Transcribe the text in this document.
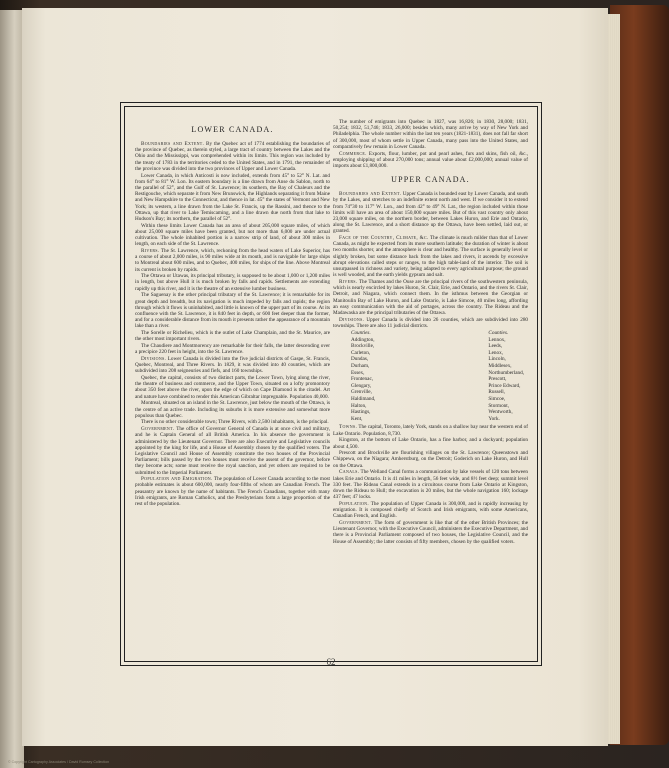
LOWER CANADA.
Boundaries and Extent. By the Quebec act of 1774 establishing the boundaries of the province of Quebec, as therein styled, a large tract of country between the Lakes and the Ohio and the Mississippi, was comprehended within its limits. This region was included by the treaty of 1783 in the territories ceded to the United States, and in 1791, the remainder of the province was divided into the two provinces of Upper and Lower Canada.
Lower Canada, in which Anticosti is now included, extends from 45° to 52° N. Lat. and from 64° to 81° W. Lon. Its eastern boundary is a line drawn from Anse du Sablon, north to the parallel of 52°, and the Gulf of St. Lawrence; its southern, the Bay of Chaleurs and the Restigouche, which separate it from New Brunswick, the Highlands separating it from Maine and New Hampshire to the Connecticut, and thence in lat. 45° the states of Vermont and New York; its western, a line drawn from the Lake St. Francis, up the Rassini, and thence to the Ottawa, up that river to Lake Temiscaming, and a line drawn due north from that lake to Hudson's Bay; its northern, the parallel of 52°.
Within these limits Lower Canada has an area of about 205,000 square miles, of which about 25,000 square miles have been granted, but not more than 6,000 are under actual cultivation. The whole inhabited portion is a narrow strip of land, of about 300 miles in length, on each side of the St. Lawrence.
Rivers. The St. Lawrence, which, reckoning from the head waters of Lake Superior, has a course of about 2,000 miles, is 90 miles wide at its mouth, and is navigable for large ships to Montreal about 600 miles, and to Quebec, 400 miles, for ships of the line. Above Montreal its current is broken by rapids.
The Ottawa or Utawas, its principal tributary, is supposed to be about 1,000 or 1,200 miles in length, but above Hull it is much broken by falls and rapids. Settlements are extending rapidly up this river, and it is the theatre of an extensive lumber business.
The Saguenay is the other principal tributary of the St. Lawrence; it is remarkable for its great depth and breadth, but its navigation is much impeded by falls and rapids; the region through which it flows is uninhabited, and little is known of the upper part of its course. At its confluence with the St. Lawrence, it is 840 feet in depth, or 600 feet deeper than the former, and for a considerable distance from its mouth it presents rather the appearance of a mountain lake than a river.
The Sorelle or Richelieu, which is the outlet of Lake Champlain, and the St. Maurice, are the other most important rivers.
The Chaudiere and Montmorency are remarkable for their falls, the latter descending over a precipice 220 feet in height, into the St. Lawrence.
Divisions. Lower Canada is divided into the five judicial districts of Gaspe, St. Francis, Quebec, Montreal, and Three Rivers. In 1829, it was divided into 40 counties, which are subdivided into 208 seigneuries and fiefs, and 160 townships.
Quebec, the capital, consists of two distinct parts, the Lower Town, lying along the river, the theatre of business and commerce, and the Upper Town, situated on a lofty promontory about 350 feet above the river, upon the edge of which on Cape Diamond is the citadel. Art and nature have combined to render this American Gibraltar impregnable. Population 40,000.
Montreal, situated on an island in the St. Lawrence, just below the mouth of the Ottawa, is the centre of an active trade. Including its suburbs it is more extensive and somewhat more populous than Quebec.
There is no other considerable town; Three Rivers, with 2,500 inhabitants, is the principal.
Government. The office of Governor General of Canada is at once civil and military, and he is Captain General of all British America. In his absence the government is administered by the Lieutenant Governor. There are also Executive and Legislative councils appointed by the king for life, and a House of Assembly chosen by the qualified voters. The Legislative Council and House of Assembly constitute the two houses of the Provincial Parliament; bills passed by the two houses must receive the assent of the governor, before they become acts; some must receive the royal sanction, and yet others are required to be submitted to the Imperial Parliament.
Population and Emigration. The population of Lower Canada according to the most probable estimates is about 600,000, nearly four-fifths of whom are Canadian French. The peasantry are known by the name of habitants. The French Canadians, together with many Irish emigrants, are Roman Catholics, and the Presbyterians form a large proportion of the rest of the population.
The number of emigrants into Quebec in 1827, was 16,826; in 1830, 28,000; 1831, 50,254; 1832, 51,746; 1833, 26,000; besides which, many arrive by way of New York and Philadelphia. The whole number within the last ten years (1821-1831), does not fall far short of 300,000, most of whom settle in Upper Canada, many pass into the United States, and comparatively few remain in Lower Canada.
Commerce. Exports, flour, lumber, pot and pearl ashes, furs and skins, fish oil, &c., employing shipping of about 270,000 tons; annual value about £2,000,000; annual value of imports about £1,800,000.
UPPER CANADA.
Boundaries and Extent. Upper Canada is bounded east by Lower Canada, and south by the Lakes, and stretches to an indefinite extent north and west. If we consider it to extend from 74°30 to 117° W. Lon., and from 42° to 49° N. Lat., the region included within those limits will have an area of about 150,000 square miles. But of this vast country only about 23,000 square miles, on the northern border, between Lakes Huron, and Erie and Ontario, along the St. Lawrence, and a short distance up the Ottawa, have been settled, laid out, or granted.
Face of the Country, Climate, &c. The climate is much milder than that of Lower Canada, as might be expected from its more southern latitude; the duration of winter is about two months shorter, and the atmosphere is clear and healthy. The surface is generally level or slightly broken, but some distance back from the lakes and rivers, it ascends by excessive abrupt elevations called steps or ranges, to the high table-land of the interior. The soil is unsurpassed in richness and variety, being adapted to every agricultural purpose; the ground is well wooded, and the earth yields gypsum and salt.
Rivers. The Thames and the Ouse are the principal rivers of the southwestern peninsula, which is nearly encircled by lakes Huron, St. Clair, Erie, and Ontario, and the rivers St. Clair, Detroit, and Niagara, which connect them. In the isthmus between the Georgian or Manitoulin Bay of Lake Huron, and Lake Ontario, is Lake Simcoe, 40 miles long, affording an easy communication with the aid of portages, across the country. The Rideau and the Madawaska are the principal tributaries of the Ottawa.
Divisions. Upper Canada is divided into 26 counties, which are subdivided into 280 townships. There are also 11 judicial districts.
Counties.
Addington,
Brockville,
Carleton,
Dundas,
Durham,
Essex,
Frontenac,
Glengary,
Grenville,
Haldimand,
Halton,
Hastings,
Kent,
Counties.
Lennox,
Leeds,
Lenox,
Lincoln,
Middlesex,
Northumberland,
Prescott,
Prince Edward,
Russell,
Simcoe,
Stormont,
Wentworth,
York.
Towns. The capital, Toronto, lately York, stands on a shallow bay near the western end of Lake Ontario. Population, 8,730.
Kingston, at the bottom of Lake Ontario, has a fine harbor, and a dockyard; population about 4,500.
Prescott and Brockville are flourishing villages on the St. Lawrence; Queenstown and Chippewa, on the Niagara; Amherstburg, on the Detroit; Goderich on Lake Huron, and Hull on the Ottawa.
Canals. The Welland Canal forms a communication by lake vessels of 120 tons between lakes Erie and Ontario. It is 41 miles in length, 56 feet wide, and 8½ feet deep; summit level 330 feet. The Rideau Canal extends in a circuitous course from Lake Ontario at Kingston, down the Rideau to Hull; the excavation is 20 miles, but the whole navigation 160; lockage 437 feet; 47 locks.
Population. The population of Upper Canada is 300,000, and is rapidly increasing by emigration. It is composed chiefly of Scotch and Irish emigrants, with some Americans, Canadian French, and English.
Government. The form of government is like that of the other British Provinces; the Lieutenant Governor, with the Executive Council, administers the Executive Department, and there is a Provincial Parliament composed of two houses, the Legislative Council, and the House of Assembly; the latter consists of fifty members, chosen by the qualified voters.
62
© Copyright Cartography Associates / David Rumsey Collection
